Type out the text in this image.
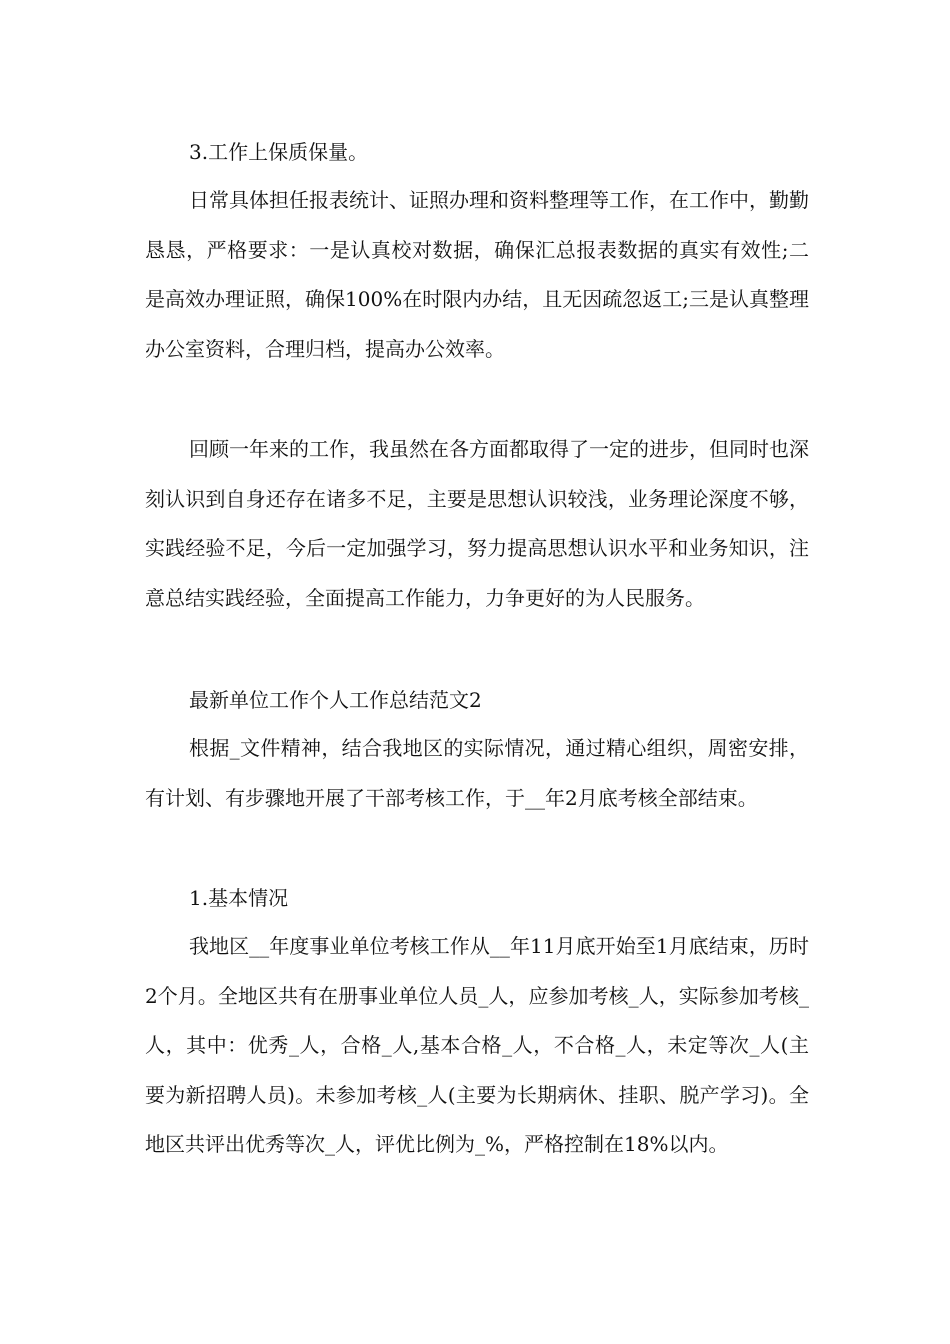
3.工作上保质保量。

日常具体担任报表统计、证照办理和资料整理等工作，在工作中，勤勤恳恳，严格要求：一是认真校对数据，确保汇总报表数据的真实有效性;二是高效办理证照，确保100%在时限内办结，且无因疏忽返工;三是认真整理办公室资料，合理归档，提高办公效率。

回顾一年来的工作，我虽然在各方面都取得了一定的进步，但同时也深刻认识到自身还存在诸多不足，主要是思想认识较浅，业务理论深度不够，实践经验不足，今后一定加强学习，努力提高思想认识水平和业务知识，注意总结实践经验，全面提高工作能力，力争更好的为人民服务。

最新单位工作个人工作总结范文2

根据_文件精神，结合我地区的实际情况，通过精心组织，周密安排，有计划、有步骤地开展了干部考核工作，于__年2月底考核全部结束。

1.基本情况

我地区__年度事业单位考核工作从__年11月底开始至1月底结束，历时2个月。全地区共有在册事业单位人员_人，应参加考核_人，实际参加考核_人，其中：优秀_人，合格_人,基本合格_人，不合格_人，未定等次_人(主要为新招聘人员)。未参加考核_人(主要为长期病休、挂职、脱产学习)。全地区共评出优秀等次_人，评优比例为_%，严格控制在18%以内。
